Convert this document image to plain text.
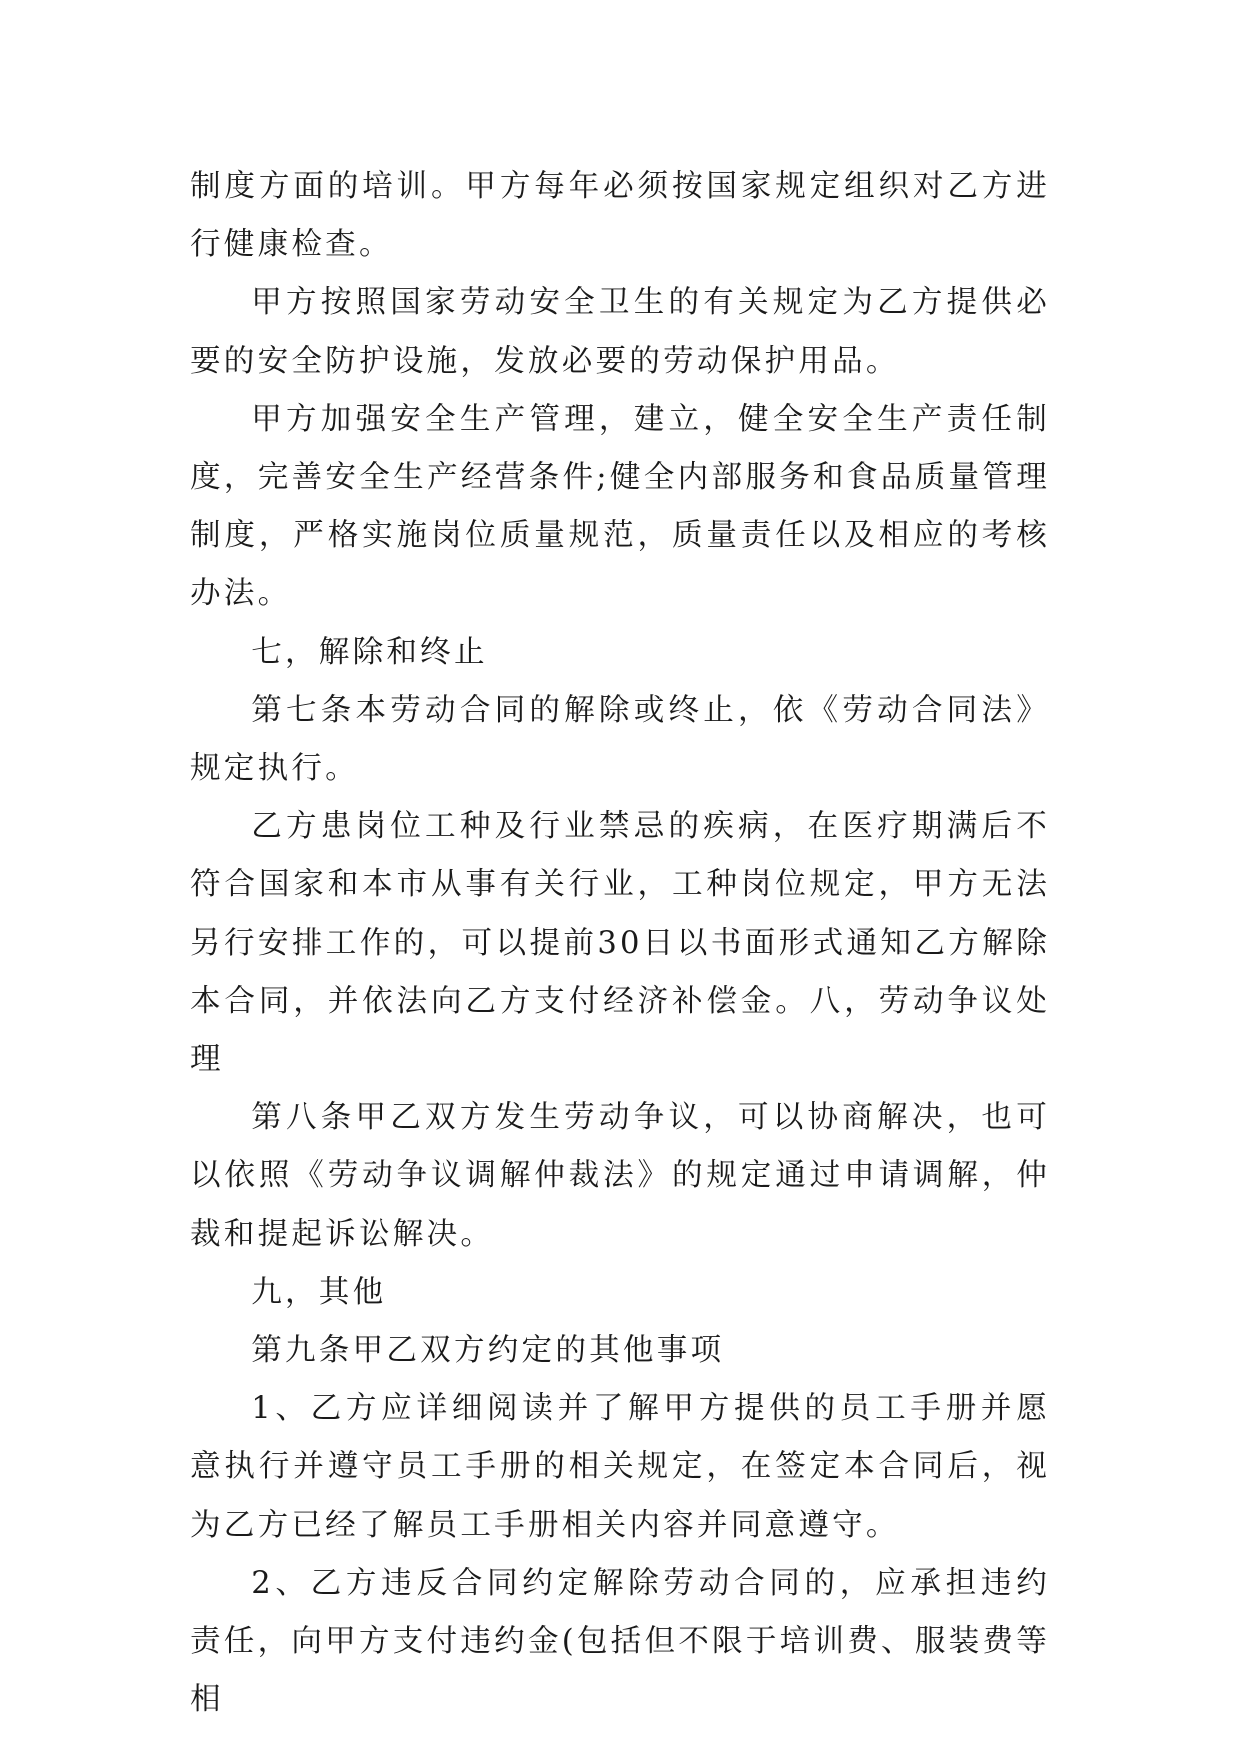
制度方面的培训。甲方每年必须按国家规定组织对乙方进行健康检查。

甲方按照国家劳动安全卫生的有关规定为乙方提供必要的安全防护设施，发放必要的劳动保护用品。

甲方加强安全生产管理，建立，健全安全生产责任制度，完善安全生产经营条件;健全内部服务和食品质量管理制度，严格实施岗位质量规范，质量责任以及相应的考核办法。

七，解除和终止

第七条本劳动合同的解除或终止，依《劳动合同法》规定执行。

乙方患岗位工种及行业禁忌的疾病，在医疗期满后不符合国家和本市从事有关行业，工种岗位规定，甲方无法另行安排工作的，可以提前30日以书面形式通知乙方解除本合同，并依法向乙方支付经济补偿金。八，劳动争议处理

第八条甲乙双方发生劳动争议，可以协商解决，也可以依照《劳动争议调解仲裁法》的规定通过申请调解，仲裁和提起诉讼解决。

九，其他

第九条甲乙双方约定的其他事项

1、乙方应详细阅读并了解甲方提供的员工手册并愿意执行并遵守员工手册的相关规定，在签定本合同后，视为乙方已经了解员工手册相关内容并同意遵守。

2、乙方违反合同约定解除劳动合同的，应承担违约责任，向甲方支付违约金(包括但不限于培训费、服装费等相
